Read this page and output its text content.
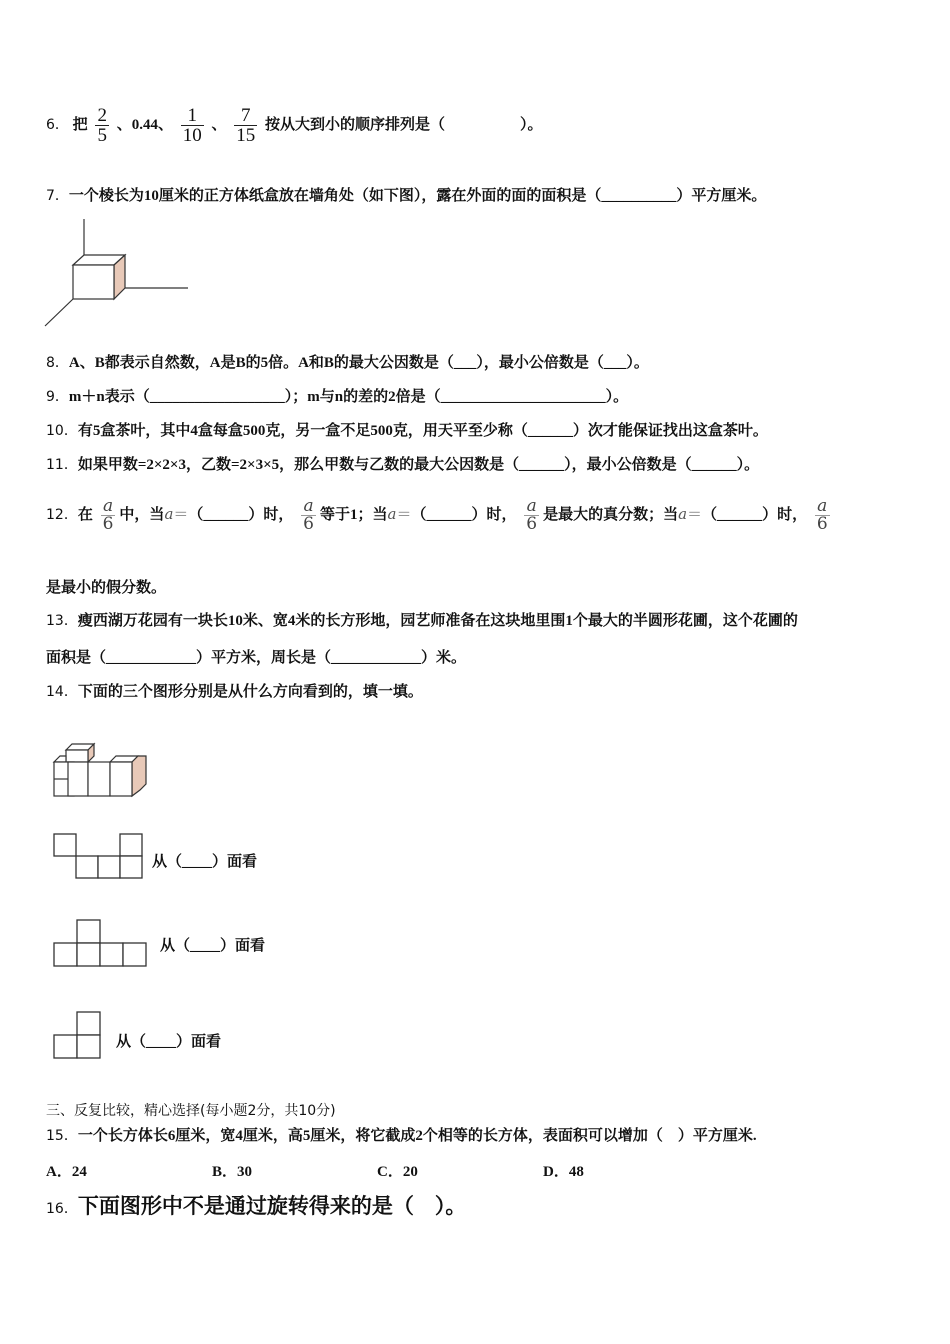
6． 把 $\frac{2}{5}$ 、0.44、 $\frac{1}{10}$ 、 $\frac{7}{15}$ 按从大到小的顺序排列是（　　　　　）。
7．一个棱长为10厘米的正方体纸盒放在墙角处（如下图），露在外面的面的面积是（__________）平方厘米。
8．A、B都表示自然数，A是B的5倍。A和B的最大公因数是（___），最小公倍数是（___）。
9．m＋n表示（__________________）；m与n的差的2倍是（______________________）。
10．有5盒茶叶，其中4盒每盒500克，另一盒不足500克，用天平至少称（______）次才能保证找出这盒茶叶。
11．如果甲数=2×2×3，乙数=2×3×5，那么甲数与乙数的最大公因数是（______），最小公倍数是（______）。
12．在 $\frac{a}{6}$ 中，当a＝（______）时， $\frac{a}{6}$ 等于1；当a＝（______）时， $\frac{a}{6}$ 是最大的真分数；当a＝（______）时， $\frac{a}{6}$
是最小的假分数。
13．瘦西湖万花园有一块长10米、宽4米的长方形地，园艺师准备在这块地里围1个最大的半圆形花圃，这个花圃的
面积是（____________）平方米，周长是（____________）米。
14．下面的三个图形分别是从什么方向看到的，填一填。
从（____）面看
从（____）面看
从（____）面看
三、反复比较，精心选择(每小题2分，共10分)
15．一个长方体长6厘米，宽4厘米，高5厘米，将它截成2个相等的长方体，表面积可以增加（　）平方厘米.
A．24	B．30	C．20	D．48
16．下面图形中不是通过旋转得来的是（　）。
